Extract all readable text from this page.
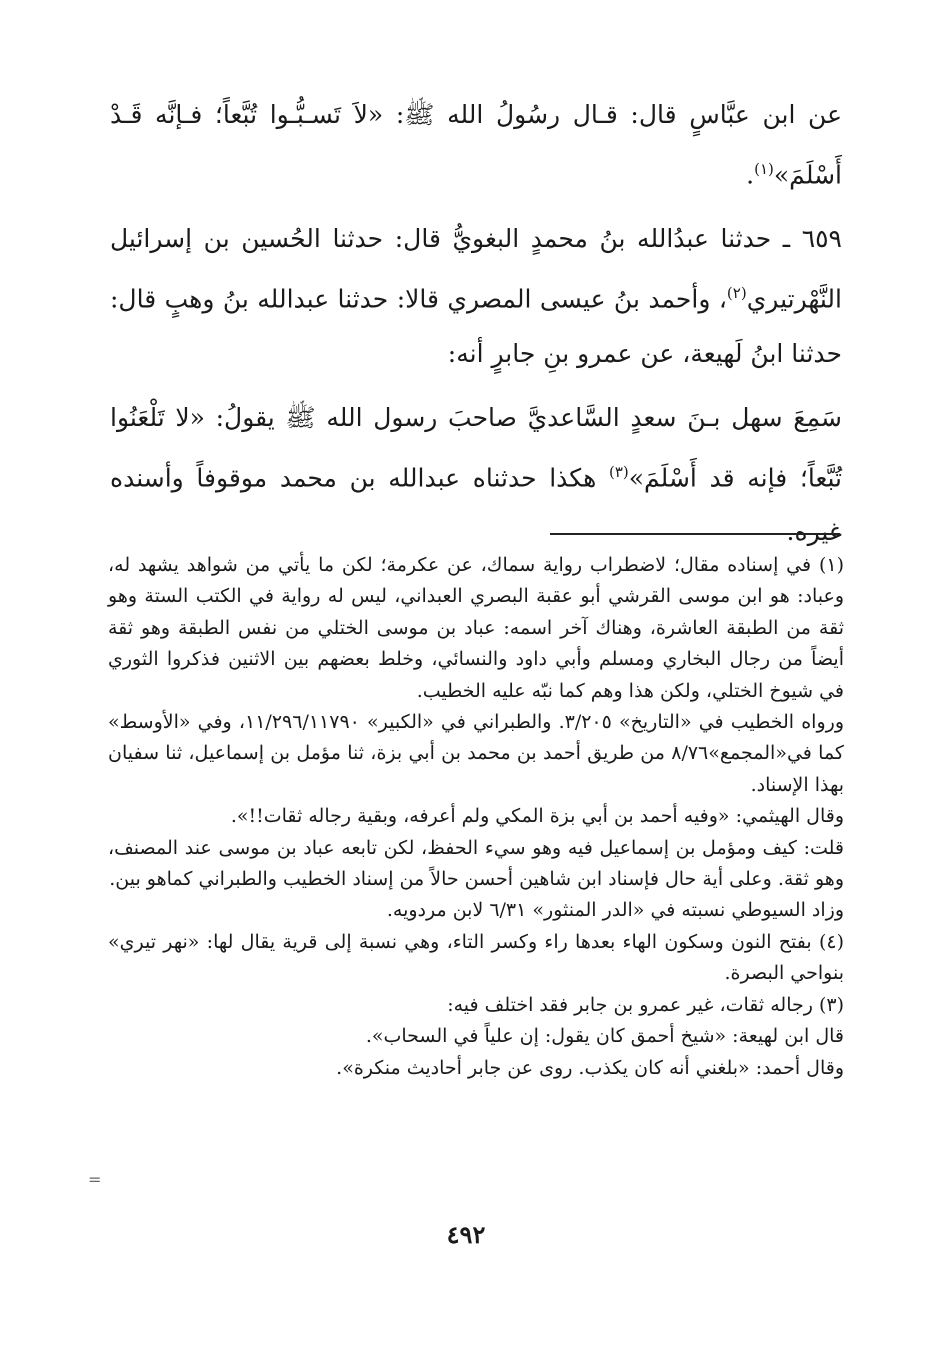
عن ابن عبَّاسٍ قال: قـال رسُولُ الله ﷺ: «لاَ تَسـبُّـوا تُبَّعاً؛ فـإنَّه قَـدْ أَسْلَمَ»$^{(١)}$.

٦٥٩ ـ حدثنا عبدُالله بنُ محمدٍ البغويُّ قال: حدثنا الحُسين بن إسرائيل النَّهْرتيري$^{(٢)}$، وأحمد بنُ عيسى المصري قالا: حدثنا عبدالله بنُ وهبٍ قال: حدثنا ابنُ لَهيعة، عن عمرو بنِ جابرٍ أنه:

سَمِعَ سهل بـنَ سعدٍ السَّاعديَّ صاحبَ رسول الله ﷺ يقولُ: «لا تَلْعَنُوا تُبَّعاً؛ فإنه قد أَسْلَمَ»$^{(٣)}$ هكذا حدثناه عبدالله بن محمد موقوفاً وأسنده غيره.

(١) في إسناده مقال؛ لاضطراب رواية سماك، عن عكرمة؛ لكن ما يأتي من شواهد يشهد له، وعباد: هو ابن موسى القرشي أبو عقبة البصري العبداني، ليس له رواية في الكتب الستة وهو ثقة من الطبقة العاشرة، وهناك آخر اسمه: عباد بن موسى الختلي من نفس الطبقة وهو ثقة أيضاً من رجال البخاري ومسلم وأبي داود والنسائي، وخلط بعضهم بين الاثنين فذكروا الثوري في شيوخ الختلي، ولكن هذا وهم كما نبّه عليه الخطيب.

ورواه الخطيب في «التاريخ» ٣/٢٠٥. والطبراني في «الكبير» ١١/٢٩٦/١١٧٩٠، وفي «الأوسط» كما في«المجمع»٨/٧٦ من طريق أحمد بن محمد بن أبي بزة، ثنا مؤمل بن إسماعيل، ثنا سفيان بهذا الإسناد.

وقال الهيثمي: «وفيه أحمد بن أبي بزة المكي ولم أعرفه، وبقية رجاله ثقات!!».

قلت: كيف ومؤمل بن إسماعيل فيه وهو سيء الحفظ، لكن تابعه عباد بن موسى عند المصنف، وهو ثقة. وعلى أية حال فإسناد ابن شاهين أحسن حالاً من إسناد الخطيب والطبراني كماهو بين.

وزاد السيوطي نسبته في «الدر المنثور» ٦/٣١ لابن مردويه.

(٤) بفتح النون وسكون الهاء بعدها راء وكسر التاء، وهي نسبة إلى قرية يقال لها: «نهر تيري» بنواحي البصرة.

(٣) رجاله ثقات، غير عمرو بن جابر فقد اختلف فيه:

قال ابن لهيعة: «شيخ أحمق كان يقول: إن علياً في السحاب».

وقال أحمد: «بلغني أنه كان يكذب. روى عن جابر أحاديث منكرة».

=
٤٩٢
